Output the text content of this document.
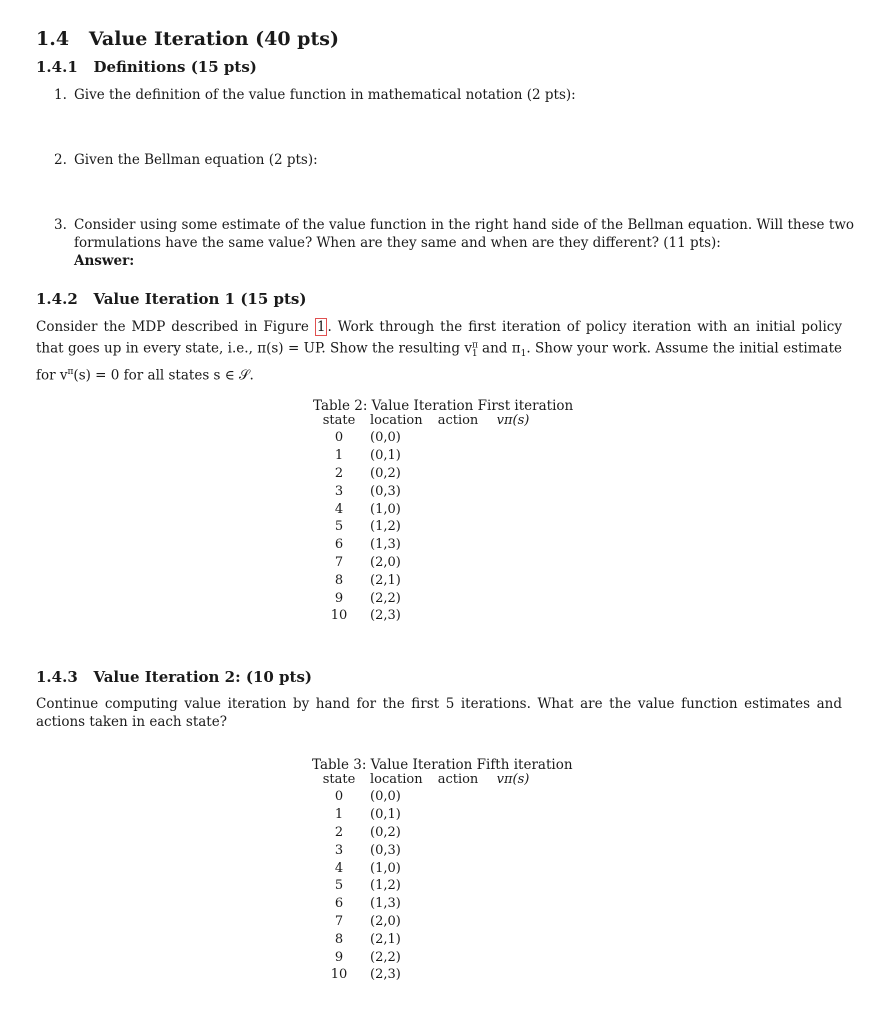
1.4 Value Iteration (40 pts)
1.4.1 Definitions (15 pts)
1. Give the definition of the value function in mathematical notation (2 pts):
2. Given the Bellman equation (2 pts):
3. Consider using some estimate of the value function in the right hand side of the Bellman equation. Will these two formulations have the same value? When are they same and when are they different? (11 pts):
Answer:
1.4.2 Value Iteration 1 (15 pts)
Consider the MDP described in Figure 1 . Work through the first iteration of policy iteration with an initial policy that goes up in every state, i.e., π(s) = UP. Show the resulting $v^\pi_1$ and $\pi_1$. Show your work. Assume the initial estimate for $v^\pi(s) = 0$ for all states s ∈ 𝒮.
Table 2: Value Iteration First iteration
state	location	action	vπ(s)
0	(0,0)		
1	(0,1)		
2	(0,2)		
3	(0,3)		
4	(1,0)		
5	(1,2)		
6	(1,3)		
7	(2,0)		
8	(2,1)		
9	(2,2)		
10	(2,3)		
1.4.3 Value Iteration 2: (10 pts)
Continue computing value iteration by hand for the first 5 iterations. What are the value function estimates and actions taken in each state?
Table 3: Value Iteration Fifth iteration
state	location	action	vπ(s)
0	(0,0)		
1	(0,1)		
2	(0,2)		
3	(0,3)		
4	(1,0)		
5	(1,2)		
6	(1,3)		
7	(2,0)		
8	(2,1)		
9	(2,2)		
10	(2,3)		
